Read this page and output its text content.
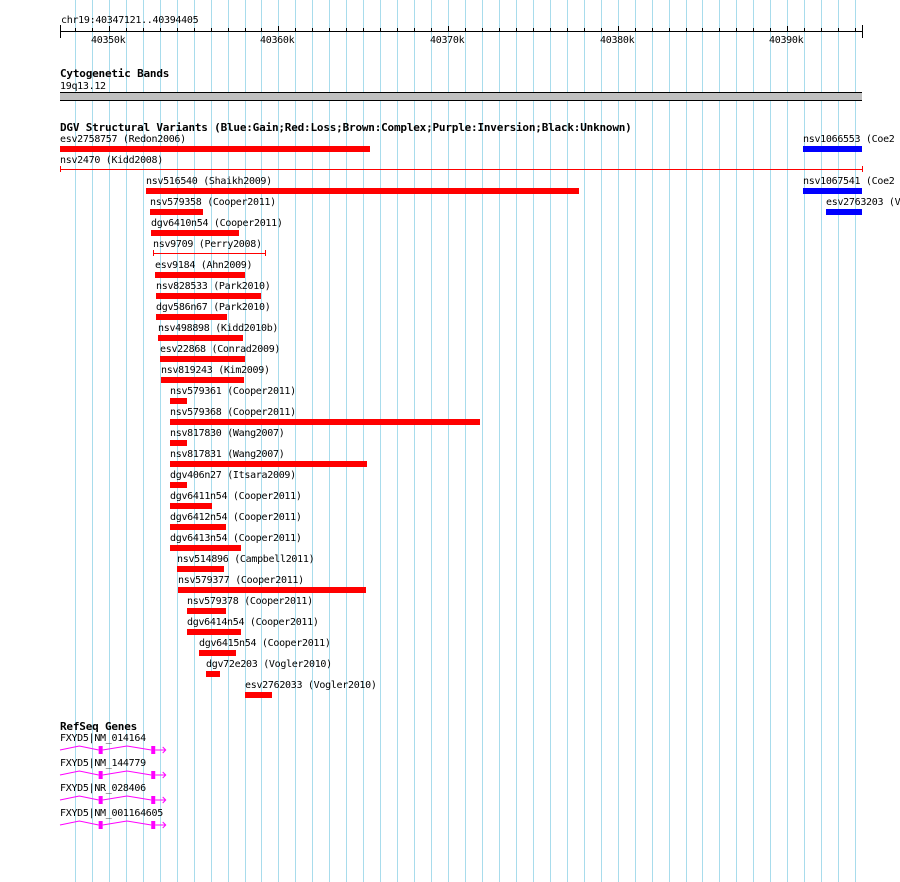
chr19:40347121..40394405
Cytogenetic Bands
19q13.12
DGV Structural Variants (Blue:Gain;Red:Loss;Brown:Complex;Purple:Inversion;Black:Unknown)
esv2758757 (Redon2006)	nsv1066553 (Coe2
nsv2470 (Kidd2008)
nsv516540 (Shaikh2009)	nsv1067541 (Coe2
nsv579358 (Cooper2011)	esv2763203 (V
dgv6410n54 (Cooper2011)
nsv9709 (Perry2008)
esv9184 (Ahn2009)
nsv828533 (Park2010)
dgv586n67 (Park2010)
nsv498898 (Kidd2010b)
esv22868 (Conrad2009)
nsv819243 (Kim2009)
nsv579361 (Cooper2011)
nsv579368 (Cooper2011)
nsv817830 (Wang2007)
nsv817831 (Wang2007)
dgv406n27 (Itsara2009)
dgv6411n54 (Cooper2011)
dgv6412n54 (Cooper2011)
dgv6413n54 (Cooper2011)
nsv514896 (Campbell2011)
nsv579377 (Cooper2011)
nsv579378 (Cooper2011)
dgv6414n54 (Cooper2011)
dgv6415n54 (Cooper2011)
dgv72e203 (Vogler2010)
esv2762033 (Vogler2010)
RefSeq Genes
FXYD5|NM_014164
FXYD5|NM_144779
FXYD5|NR_028406
FXYD5|NM_001164605
40350k	40360k	40370k	40380k	40390k
